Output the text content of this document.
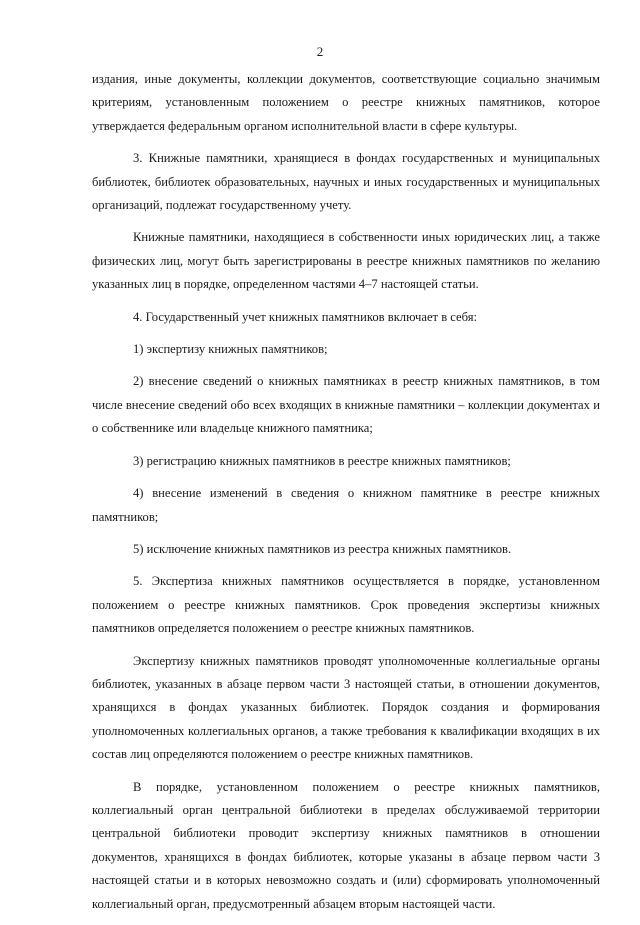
2

издания, иные документы, коллекции документов, соответствующие социально значимым критериям, установленным положением о реестре книжных памятников, которое утверждается федеральным органом исполнительной власти в сфере культуры.

3. Книжные памятники, хранящиеся в фондах государственных и муниципальных библиотек, библиотек образовательных, научных и иных государственных и муниципальных организаций, подлежат государственному учету.

Книжные памятники, находящиеся в собственности иных юридических лиц, а также физических лиц, могут быть зарегистрированы в реестре книжных памятников по желанию указанных лиц в порядке, определенном частями 4–7 настоящей статьи.

4. Государственный учет книжных памятников включает в себя:

1) экспертизу книжных памятников;

2) внесение сведений о книжных памятниках в реестр книжных памятников, в том числе внесение сведений обо всех входящих в книжные памятники – коллекции документах и о собственнике или владельце книжного памятника;

3) регистрацию книжных памятников в реестре книжных памятников;

4) внесение изменений в сведения о книжном памятнике в реестре книжных памятников;

5) исключение книжных памятников из реестра книжных памятников.

5. Экспертиза книжных памятников осуществляется в порядке, установленном положением о реестре книжных памятников. Срок проведения экспертизы книжных памятников определяется положением о реестре книжных памятников.

Экспертизу книжных памятников проводят уполномоченные коллегиальные органы библиотек, указанных в абзаце первом части 3 настоящей статьи, в отношении документов, хранящихся в фондах указанных библиотек. Порядок создания и формирования уполномоченных коллегиальных органов, а также требования к квалификации входящих в их состав лиц определяются положением о реестре книжных памятников.

В порядке, установленном положением о реестре книжных памятников, коллегиальный орган центральной библиотеки в пределах обслуживаемой территории центральной библиотеки проводит экспертизу книжных памятников в отношении документов, хранящихся в фондах библиотек, которые указаны в абзаце первом части 3 настоящей статьи и в которых невозможно создать и (или) сформировать уполномоченный коллегиальный орган, предусмотренный абзацем вторым настоящей части.
